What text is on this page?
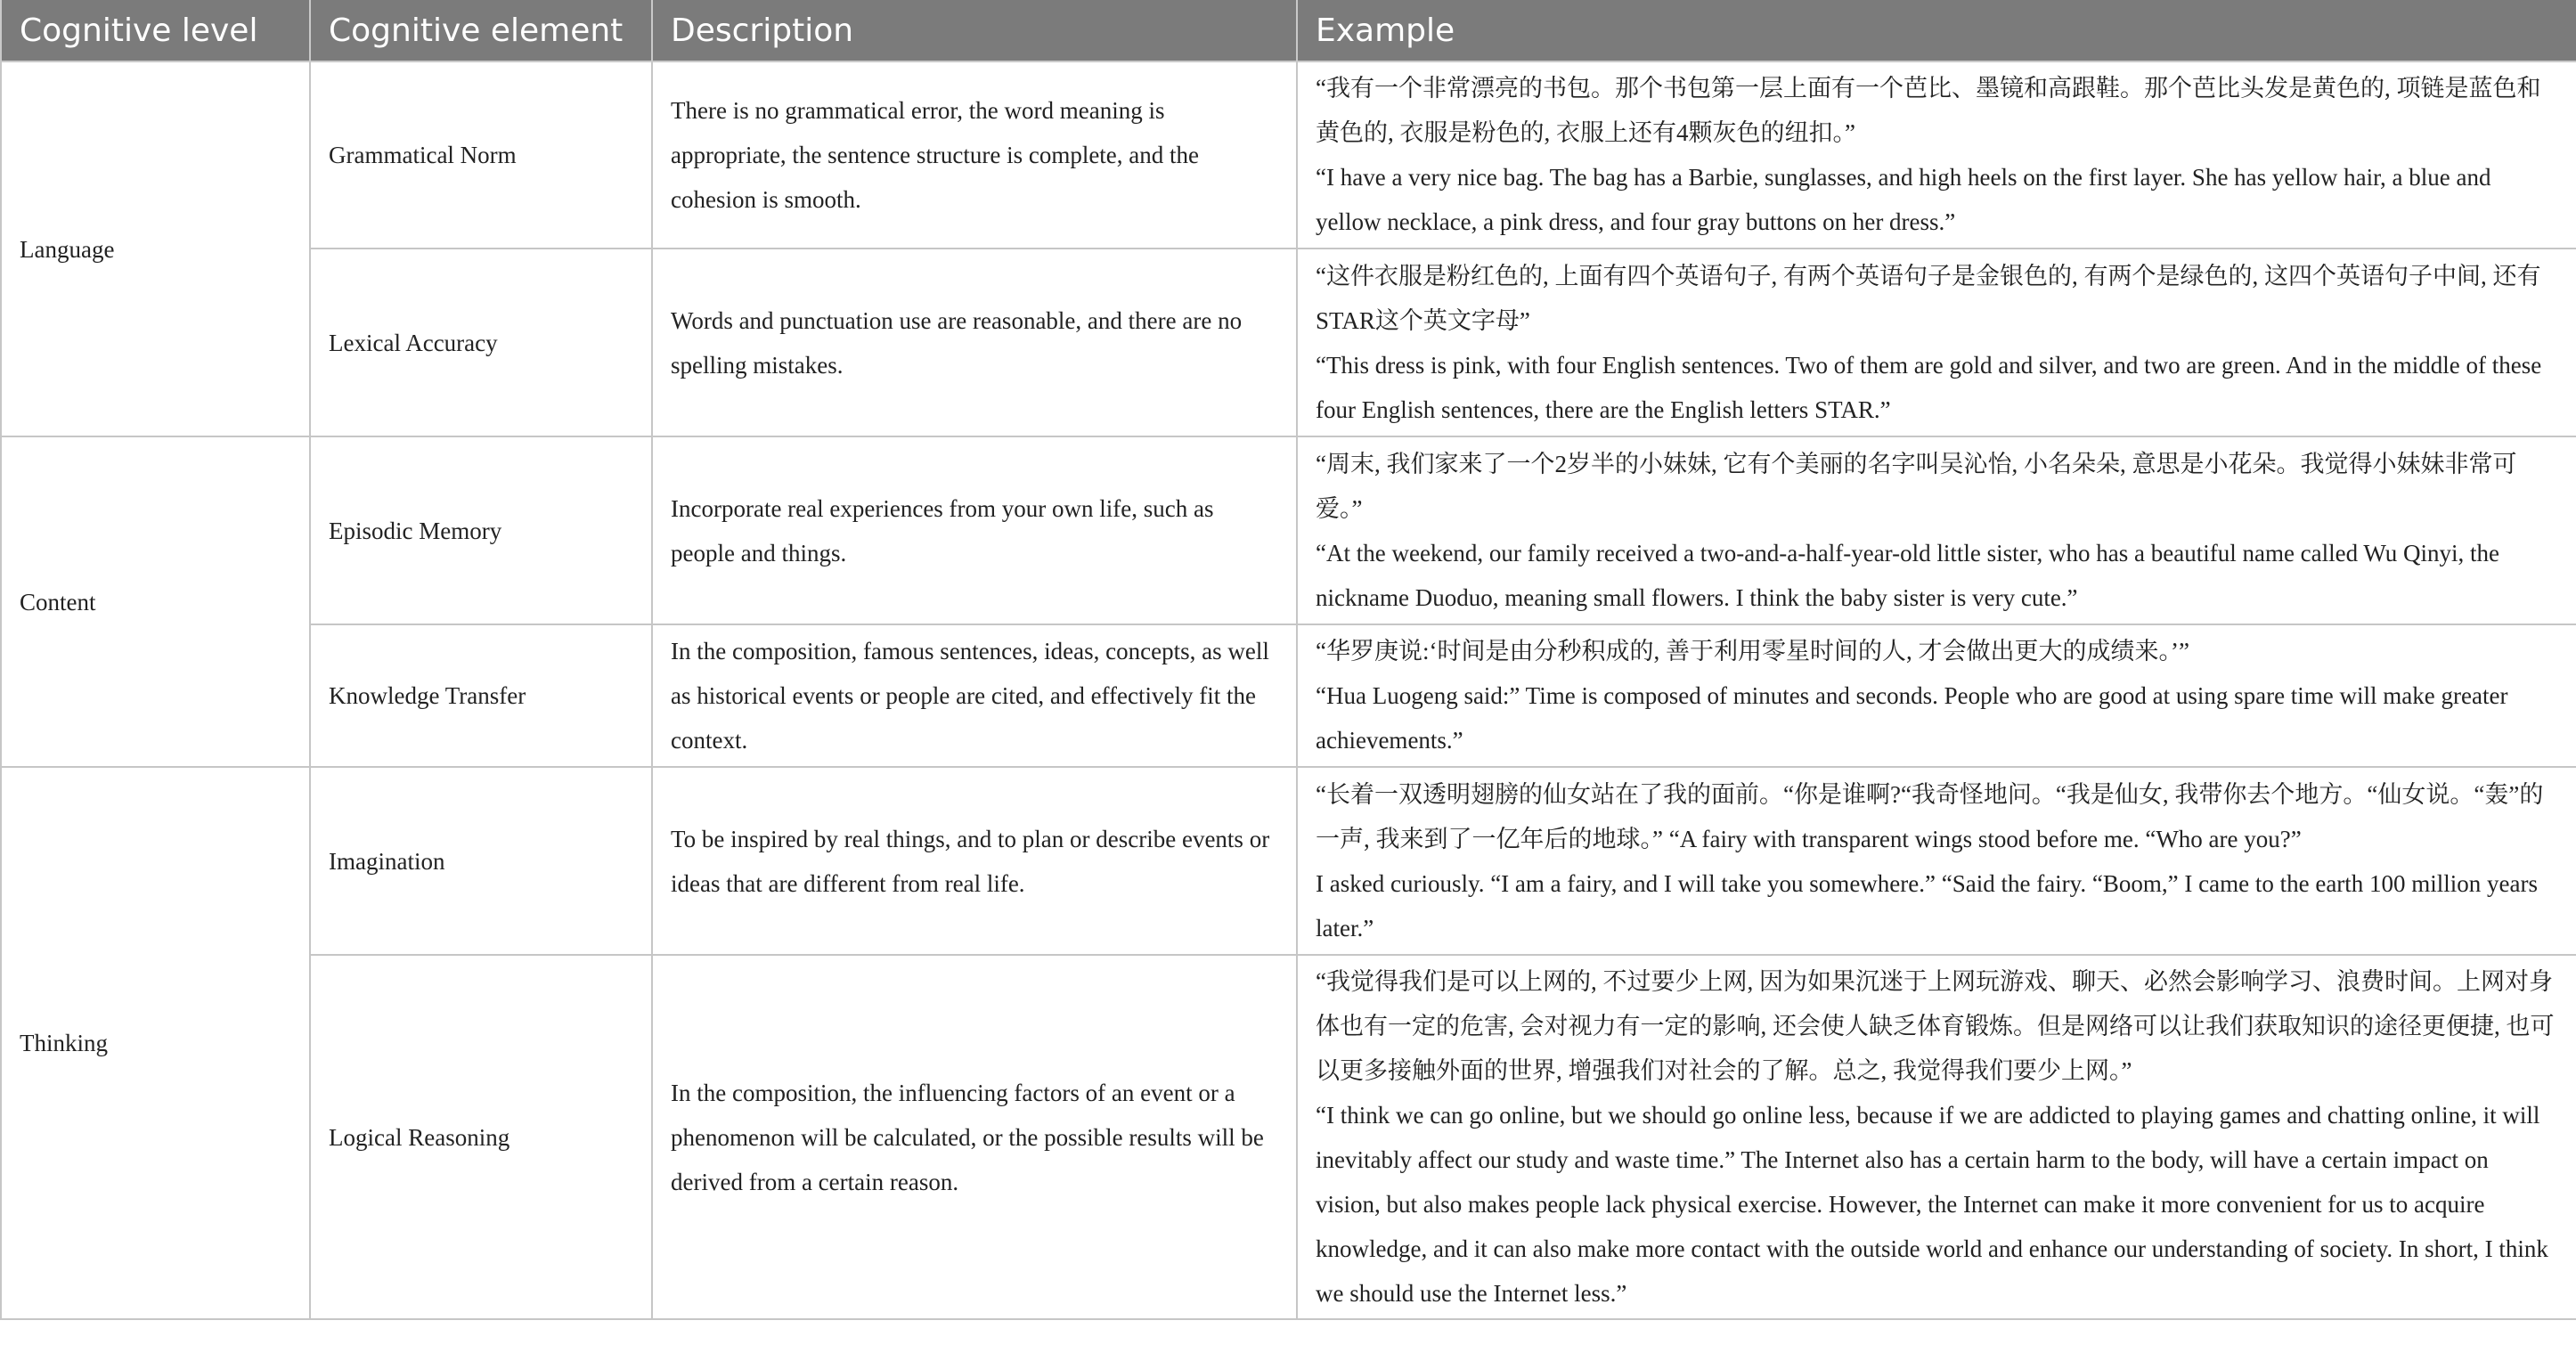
Cognitive level	Cognitive element	Description	Example
Language	Grammatical Norm	There is no grammatical error, the word meaning is appropriate, the sentence structure is complete, and the cohesion is smooth.	“我有一个非常漂亮的书包。那个书包第一层上面有一个芭比、墨镜和高跟鞋。那个芭比头发是黄色的, 项链是蓝色和黄色的, 衣服是粉色的, 衣服上还有4颗灰色的纽扣。”

“I have a very nice bag. The bag has a Barbie, sunglasses, and high heels on the first layer. She has yellow hair, a blue and yellow necklace, a pink dress, and four gray buttons on her dress.”

	Lexical Accuracy	Words and punctuation use are reasonable, and there are no spelling mistakes.	“这件衣服是粉红色的, 上面有四个英语句子, 有两个英语句子是金银色的, 有两个是绿色的, 这四个英语句子中间, 还有STAR这个英文字母”

“This dress is pink, with four English sentences. Two of them are gold and silver, and two are green. And in the middle of these four English sentences, there are the English letters STAR.”

Content	Episodic Memory	Incorporate real experiences from your own life, such as people and things.	“周末, 我们家来了一个2岁半的小妹妹, 它有个美丽的名字叫吴沁怡, 小名朵朵, 意思是小花朵。我觉得小妹妹非常可爱。”

“At the weekend, our family received a two-and-a-half-year-old little sister, who has a beautiful name called Wu Qinyi, the nickname Duoduo, meaning small flowers. I think the baby sister is very cute.”

	Knowledge Transfer	In the composition, famous sentences, ideas, concepts, as well as historical events or people are cited, and effectively fit the context.	“华罗庚说:‘时间是由分秒积成的, 善于利用零星时间的人, 才会做出更大的成绩来。’”

“Hua Luogeng said:” Time is composed of minutes and seconds. People who are good at using spare time will make greater achievements.”

Thinking	Imagination	To be inspired by real things, and to plan or describe events or ideas that are different from real life.	“长着一双透明翅膀的仙女站在了我的面前。“你是谁啊?“我奇怪地问。“我是仙女, 我带你去个地方。“仙女说。“轰”的一声, 我来到了一亿年后的地球。” “A fairy with transparent wings stood before me. “Who are you?”

I asked curiously. “I am a fairy, and I will take you somewhere.” “Said the fairy. “Boom,” I came to the earth 100 million years later.”

	Logical Reasoning	In the composition, the influencing factors of an event or a phenomenon will be calculated, or the possible results will be derived from a certain reason.	“我觉得我们是可以上网的, 不过要少上网, 因为如果沉迷于上网玩游戏、聊天、必然会影响学习、浪费时间。上网对身体也有一定的危害, 会对视力有一定的影响, 还会使人缺乏体育锻炼。但是网络可以让我们获取知识的途径更便捷, 也可以更多接触外面的世界, 增强我们对社会的了解。总之, 我觉得我们要少上网。”

“I think we can go online, but we should go online less, because if we are addicted to playing games and chatting online, it will inevitably affect our study and waste time.” The Internet also has a certain harm to the body, will have a certain impact on vision, but also makes people lack physical exercise. However, the Internet can make it more convenient for us to acquire knowledge, and it can also make more contact with the outside world and enhance our understanding of society. In short, I think we should use the Internet less.”
